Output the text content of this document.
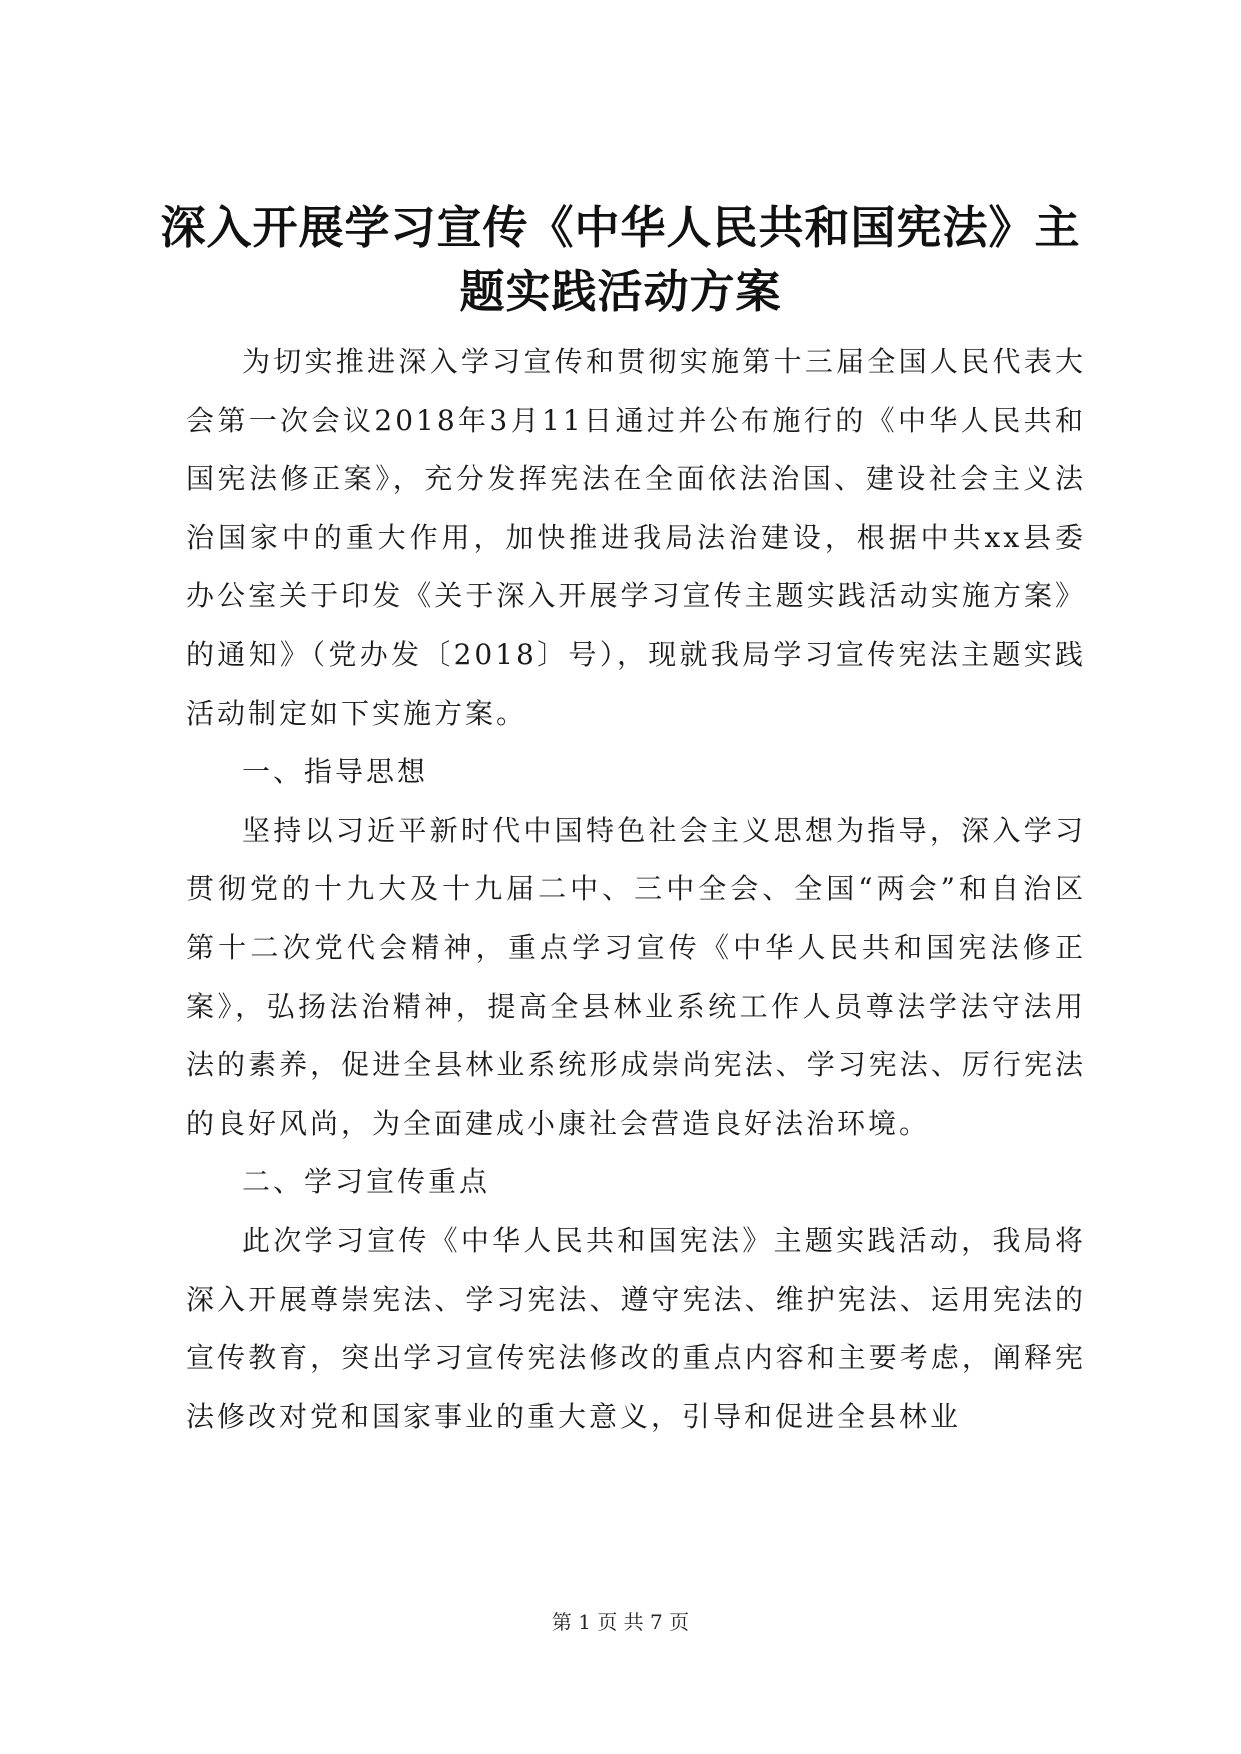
深入开展学习宣传《中华人民共和国宪法》主题实践活动方案

为切实推进深入学习宣传和贯彻实施第十三届全国人民代表大会第一次会议2018年3月11日通过并公布施行的《中华人民共和国宪法修正案》，充分发挥宪法在全面依法治国、建设社会主义法治国家中的重大作用，加快推进我局法治建设，根据中共xx县委办公室关于印发《关于深入开展学习宣传主题实践活动实施方案》的通知》（党办发〔2018〕号），现就我局学习宣传宪法主题实践活动制定如下实施方案。

一、指导思想

坚持以习近平新时代中国特色社会主义思想为指导，深入学习贯彻党的十九大及十九届二中、三中全会、全国“两会”和自治区第十二次党代会精神，重点学习宣传《中华人民共和国宪法修正案》，弘扬法治精神，提高全县林业系统工作人员尊法学法守法用法的素养，促进全县林业系统形成崇尚宪法、学习宪法、厉行宪法的良好风尚，为全面建成小康社会营造良好法治环境。

二、学习宣传重点

此次学习宣传《中华人民共和国宪法》主题实践活动，我局将深入开展尊崇宪法、学习宪法、遵守宪法、维护宪法、运用宪法的宣传教育，突出学习宣传宪法修改的重点内容和主要考虑，阐释宪法修改对党和国家事业的重大意义，引导和促进全县林业

第 1 页 共 7 页
